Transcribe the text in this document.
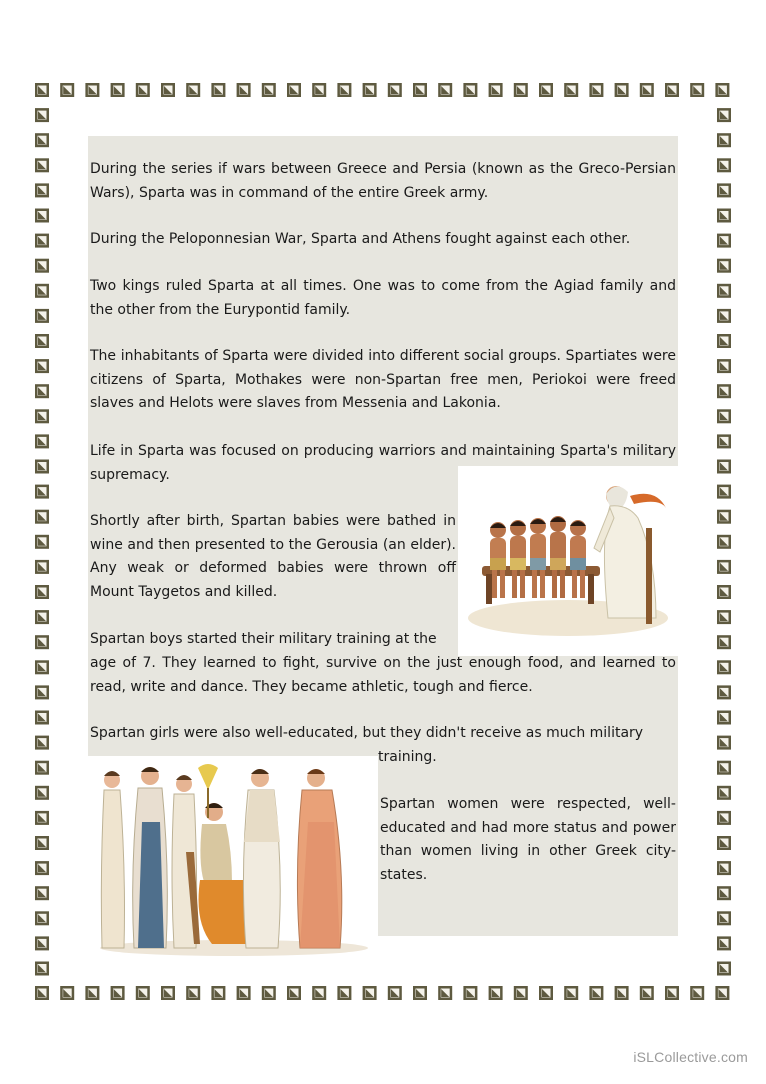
During the series if wars between Greece and Persia (known as the Greco-Persian Wars), Sparta was in command of the entire Greek army.

During the Peloponnesian War, Sparta and Athens fought against each other.

Two kings ruled Sparta at all times. One was to come from the Agiad family and the other from the Eurypontid family.

The inhabitants of Sparta were divided into different social groups. Spartiates were citizens of Sparta, Mothakes were non-Spartan free men, Periokoi were freed slaves and Helots were slaves from Messenia and Lakonia.

Life in Sparta was focused on producing warriors and maintaining Sparta's military supremacy.

Shortly after birth, Spartan babies were bathed in wine and then presented to the Gerousia (an elder). Any weak or deformed babies were thrown off Mount Taygetos and killed.

Spartan boys started their military training at the

age of 7. They learned to fight, survive on the just enough food, and learned to read, write and dance. They became athletic, tough and fierce.

Spartan girls were also well-educated, but they didn't receive as much military

training.

Spartan women were respected, well-educated and had more status and power than women living in other Greek city-states.

iSLCollective.com
